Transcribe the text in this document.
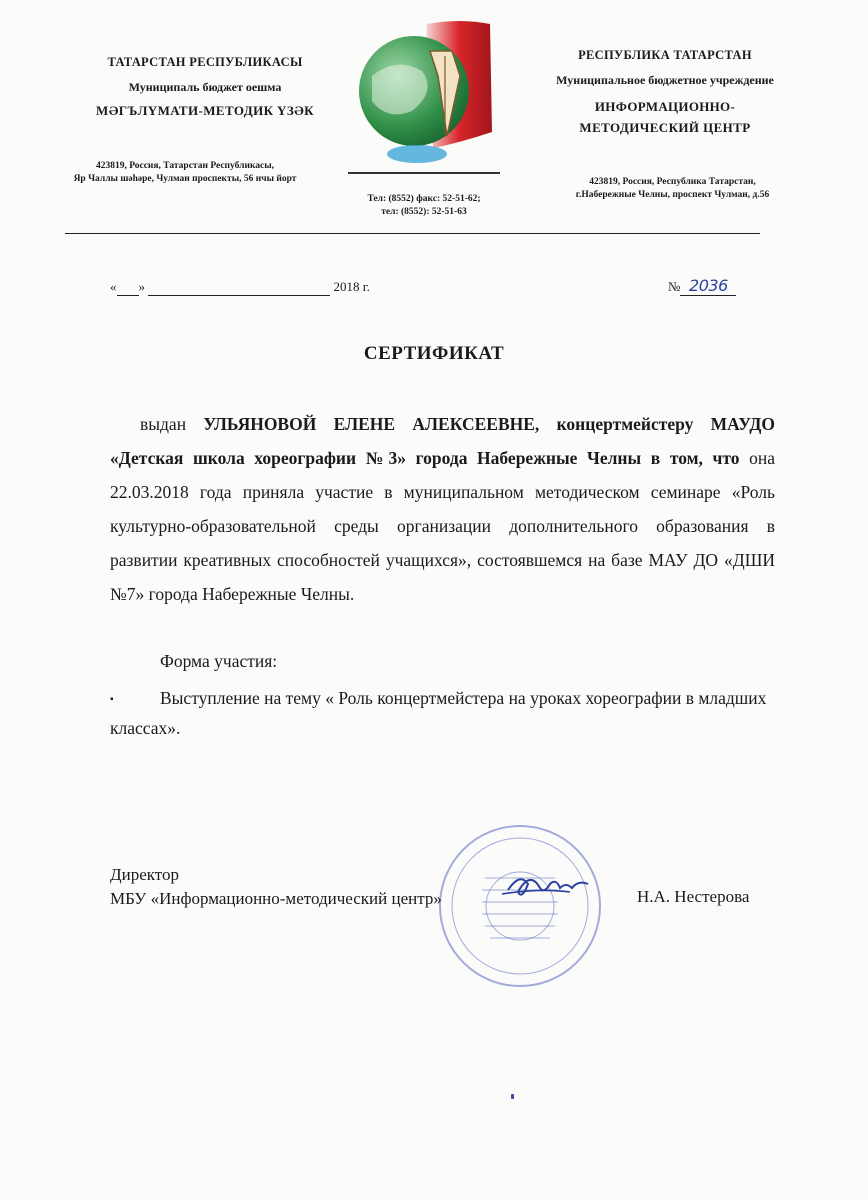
ТАТАРСТАН РЕСПУБЛИКАСЫ
Муниципаль бюджет оешма
МӘГЪЛҮМАТИ-МЕТОДИК ҮЗӘК
423819, Россия, Татарстан Республикасы,
Яр Чаллы шәһәре, Чулман проспекты, 56 нчы йорт
Тел: (8552) факс: 52-51-62;
тел: (8552): 52-51-63
РЕСПУБЛИКА ТАТАРСТАН
Муниципальное бюджетное учреждение
ИНФОРМАЦИОННО-
МЕТОДИЧЕСКИЙ ЦЕНТР
423819, Россия, Республика Татарстан,
г.Набережные Челны, проспект Чулман, д.56
« »	2018 г.	№ 2036
СЕРТИФИКАТ
выдан УЛЬЯНОВОЙ ЕЛЕНЕ АЛЕКСЕЕВНЕ, концертмейстеру МАУДО «Детская школа хореографии №3» города Набережные Челны в том, что она 22.03.2018 года приняла участие в муниципальном методическом семинаре «Роль культурно-образовательной среды организации дополнительного образования в развитии креативных способностей учащихся», состоявшемся на базе МАУ ДО «ДШИ №7» города Набережные Челны.
Форма участия:
▪	Выступление на тему « Роль концертмейстера на уроках хореографии в младших классах».
Директор
МБУ «Информационно-методический центр»	Н.А. Нестерова
